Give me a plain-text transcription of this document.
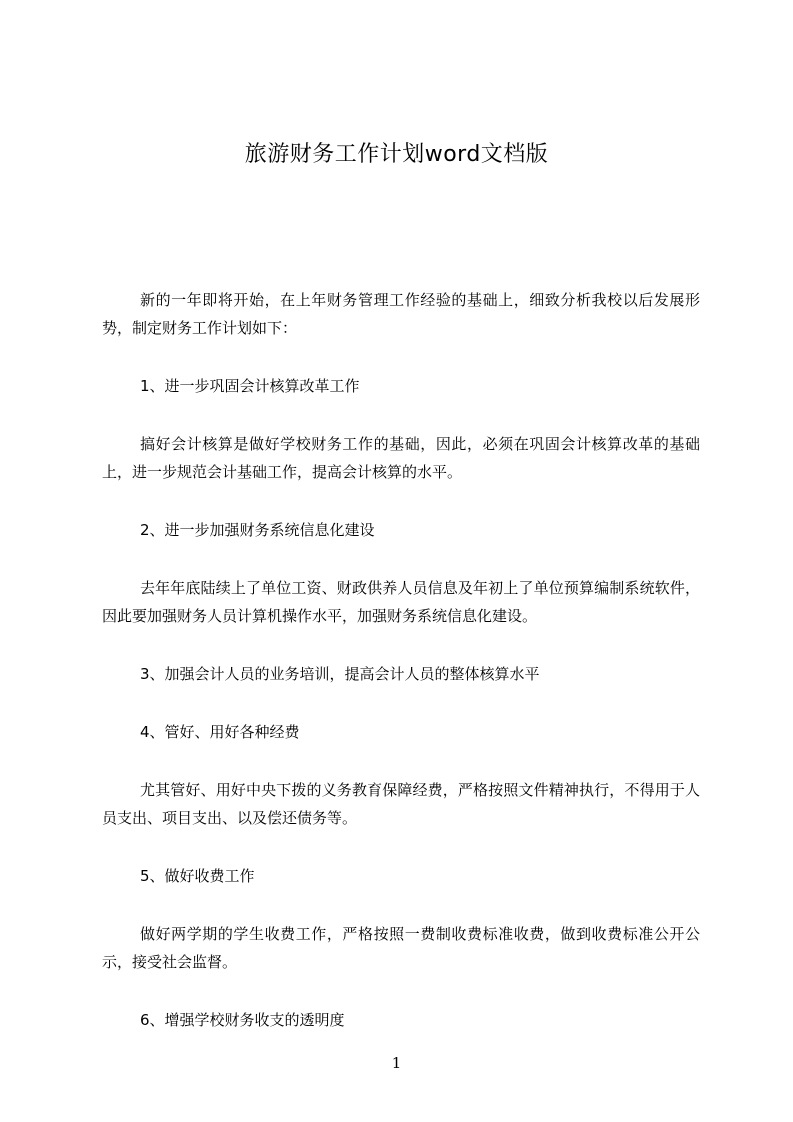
旅游财务工作计划word文档版

新的一年即将开始，在上年财务管理工作经验的基础上，细致分析我校以后发展形势，制定财务工作计划如下：

1、进一步巩固会计核算改革工作

搞好会计核算是做好学校财务工作的基础，因此，必须在巩固会计核算改革的基础上，进一步规范会计基础工作，提高会计核算的水平。

2、进一步加强财务系统信息化建设

去年年底陆续上了单位工资、财政供养人员信息及年初上了单位预算编制系统软件，因此要加强财务人员计算机操作水平，加强财务系统信息化建设。

3、加强会计人员的业务培训，提高会计人员的整体核算水平

4、管好、用好各种经费

尤其管好、用好中央下拨的义务教育保障经费，严格按照文件精神执行，不得用于人员支出、项目支出、以及偿还债务等。

5、做好收费工作

做好两学期的学生收费工作，严格按照一费制收费标准收费，做到收费标准公开公示，接受社会监督。

6、增强学校财务收支的透明度

1
